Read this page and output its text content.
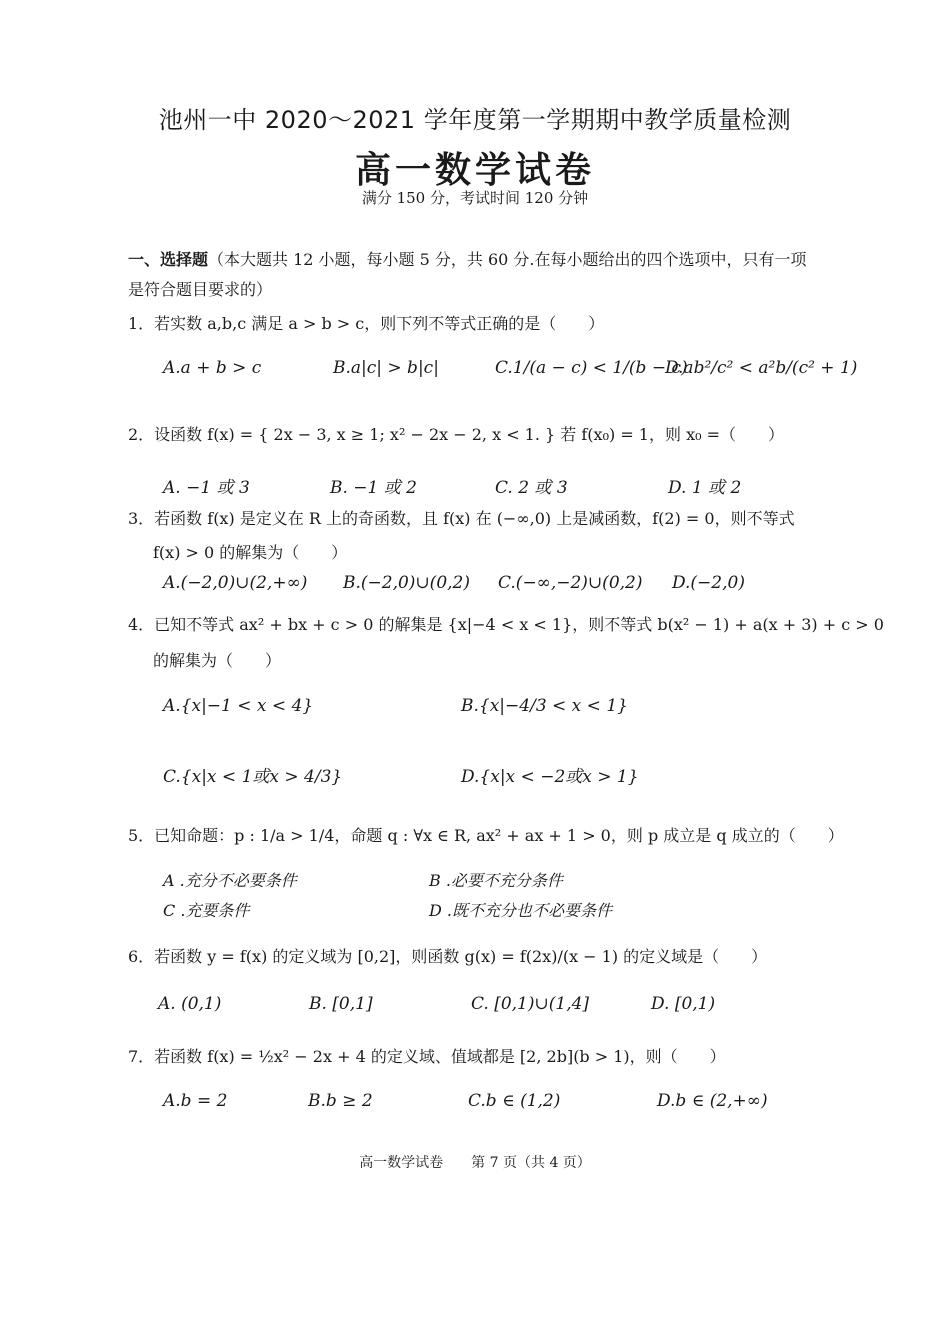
池州一中 2020～2021 学年度第一学期期中教学质量检测
高一数学试卷
满分 150 分，考试时间 120 分钟
一、选择题（本大题共 12 小题，每小题 5 分，共 60 分.在每小题给出的四个选项中，只有一项
是符合题目要求的）
1．若实数 a,b,c 满足 a > b > c，则下列不等式正确的是（　　）
A.a + b > c	B.a|c| > b|c|	C.1/(a − c) < 1/(b − c)
D.ab²/c² < a²b/(c² + 1)
2．设函数 f(x) = { 2x − 3, x ≥ 1; x² − 2x − 2, x < 1. } 若 f(x₀) = 1，则 x₀ =（　　）
A. −1 或 3	B. −1 或 2	C. 2 或 3	D. 1 或 2
3．若函数 f(x) 是定义在 R 上的奇函数，且 f(x) 在 (−∞,0) 上是减函数，f(2) = 0，则不等式
f(x) > 0 的解集为（　　）
A.(−2,0)∪(2,+∞) B.(−2,0)∪(0,2) C.(−∞,−2)∪(0,2) D.(−2,0)
4．已知不等式 ax² + bx + c > 0 的解集是 {x|−4 < x < 1}，则不等式 b(x² − 1) + a(x + 3) + c > 0
的解集为（　　）
A.{x|−1 < x < 4}	B.{x|−4/3 < x < 1}
C.{x|x < 1或x > 4/3}	D.{x|x < −2或x > 1}
5．已知命题：p : 1/a > 1/4，命题 q : ∀x ∈ R, ax² + ax + 1 > 0，则 p 成立是 q 成立的（　　）
A .充分不必要条件	B .必要不充分条件
C .充要条件	D .既不充分也不必要条件
6．若函数 y = f(x) 的定义域为 [0,2]，则函数 g(x) = f(2x)/(x − 1) 的定义域是（　　）
A. (0,1)	B. [0,1]	C. [0,1)∪(1,4]	D. [0,1)
7．若函数 f(x) = ½x² − 2x + 4 的定义域、值域都是 [2, 2b](b > 1)，则（　　）
A.b = 2	B.b ≥ 2	C.b ∈ (1,2)	D.b ∈ (2,+∞)
高一数学试卷　　第 7 页（共 4 页）
